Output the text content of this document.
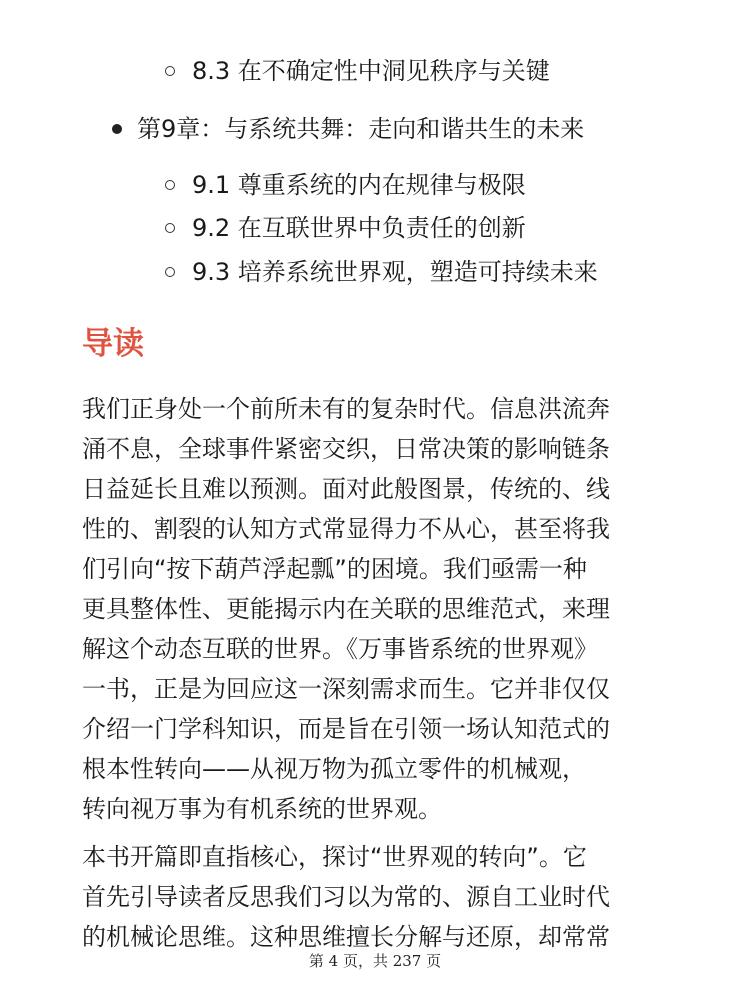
8.3 在不确定性中洞见秩序与关键
第9章：与系统共舞：走向和谐共生的未来
9.1 尊重系统的内在规律与极限
9.2 在互联世界中负责任的创新
9.3 培养系统世界观，塑造可持续未来
导读

我们正身处一个前所未有的复杂时代。信息洪流奔
涌不息，全球事件紧密交织，日常决策的影响链条
日益延长且难以预测。面对此般图景，传统的、线
性的、割裂的认知方式常显得力不从心，甚至将我
们引向“按下葫芦浮起瓢”的困境。我们亟需一种
更具整体性、更能揭示内在关联的思维范式，来理
解这个动态互联的世界。《万事皆系统的世界观》
一书，正是为回应这一深刻需求而生。它并非仅仅
介绍一门学科知识，而是旨在引领一场认知范式的
根本性转向——从视万物为孤立零件的机械观，
转向视万事为有机系统的世界观。

本书开篇即直指核心，探讨“世界观的转向”。它
首先引导读者反思我们习以为常的、源自工业时代
的机械论思维。这种思维擅长分解与还原，却常常

第 4 页，共 237 页
